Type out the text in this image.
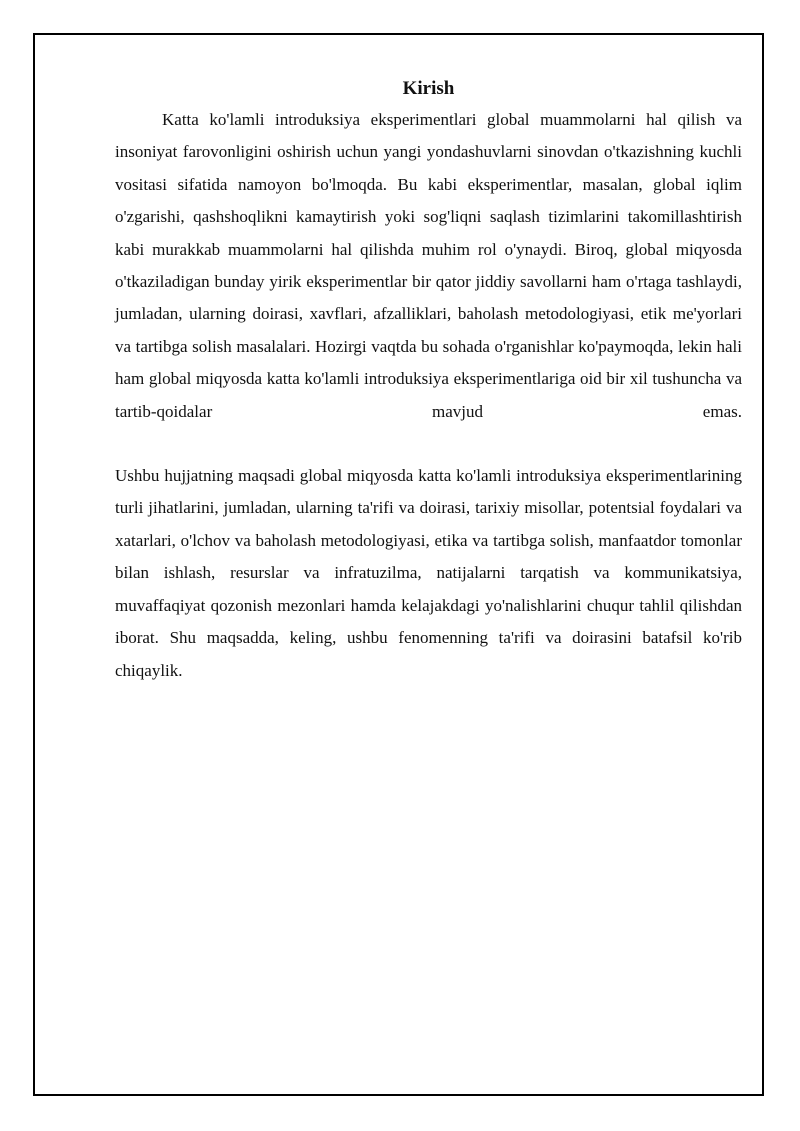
Kirish

Katta ko'lamli introduksiya eksperimentlari global muammolarni hal qilish va insoniyat farovonligini oshirish uchun yangi yondashuvlarni sinovdan o'tkazishning kuchli vositasi sifatida namoyon bo'lmoqda. Bu kabi eksperimentlar, masalan, global iqlim o'zgarishi, qashshoqlikni kamaytirish yoki sog'liqni saqlash tizimlarini takomillashtirish kabi murakkab muammolarni hal qilishda muhim rol o'ynaydi. Biroq, global miqyosda o'tkaziladigan bunday yirik eksperimentlar bir qator jiddiy savollarni ham o'rtaga tashlaydi, jumladan, ularning doirasi, xavflari, afzalliklari, baholash metodologiyasi, etik me'yorlari va tartibga solish masalalari. Hozirgi vaqtda bu sohada o'rganishlar ko'paymoqda, lekin hali ham global miqyosda katta ko'lamli introduksiya eksperimentlariga oid bir xil tushuncha va tartib-qoidalar mavjud emas.

Ushbu hujjatning maqsadi global miqyosda katta ko'lamli introduksiya eksperimentlarining turli jihatlarini, jumladan, ularning ta'rifi va doirasi, tarixiy misollar, potentsial foydalari va xatarlari, o'lchov va baholash metodologiyasi, etika va tartibga solish, manfaatdor tomonlar bilan ishlash, resurslar va infratuzilma, natijalarni tarqatish va kommunikatsiya, muvaffaqiyat qozonish mezonlari hamda kelajakdagi yo'nalishlarini chuqur tahlil qilishdan iborat. Shu maqsadda, keling, ushbu fenomenning ta'rifi va doirasini batafsil ko'rib chiqaylik.
